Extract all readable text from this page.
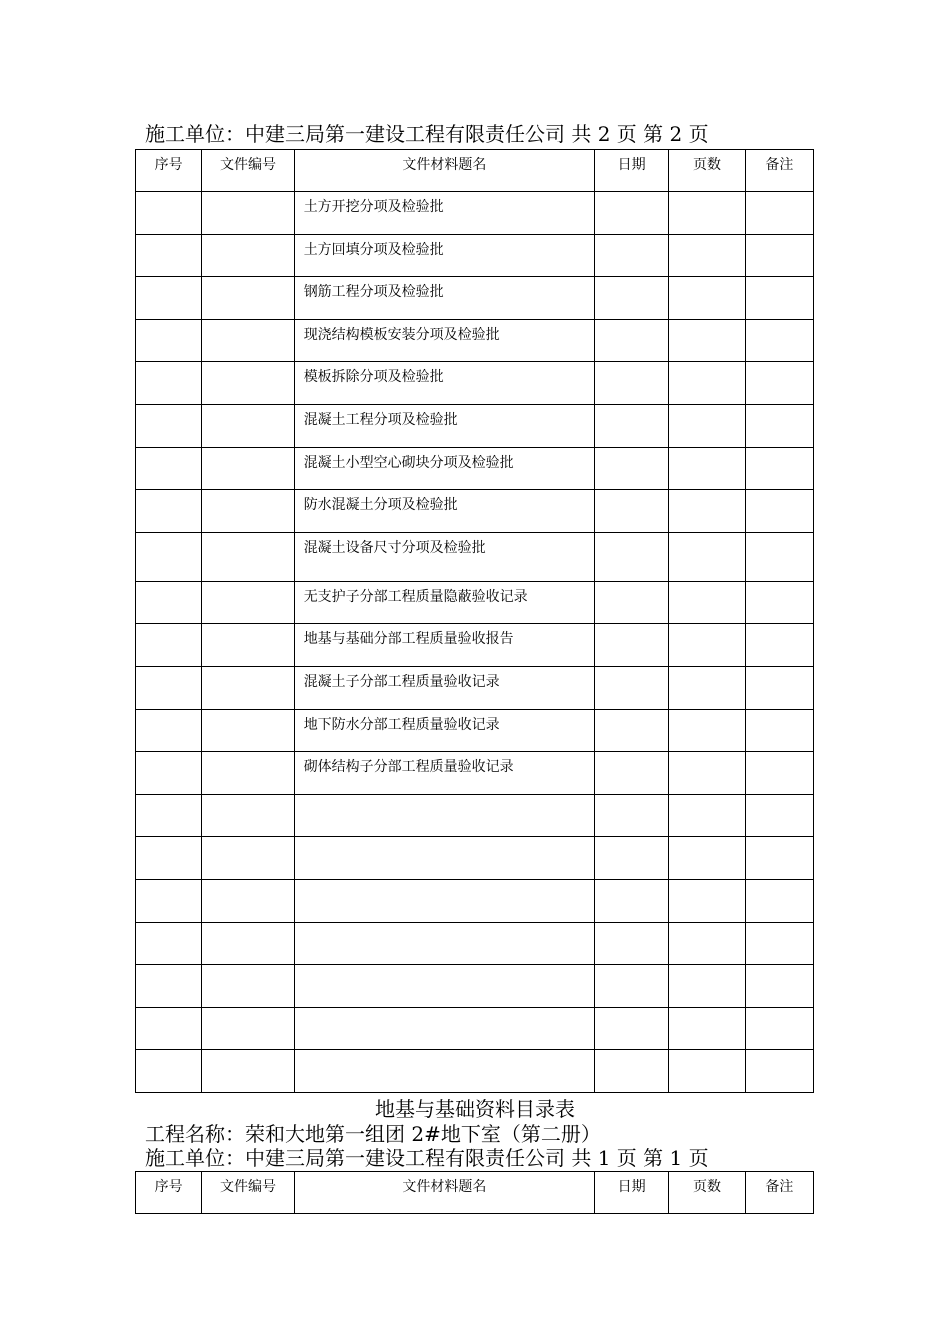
施工单位：中建三局第一建设工程有限责任公司 共 2 页 第 2 页
序号	文件编号	文件材料题名	日期	页数	备注
		土方开挖分项及检验批			
		土方回填分项及检验批			
		钢筋工程分项及检验批			
		现浇结构模板安装分项及检验批			
		模板拆除分项及检验批			
		混凝土工程分项及检验批			
		混凝土小型空心砌块分项及检验批			
		防水混凝土分项及检验批			
		混凝土设备尺寸分项及检验批			
		无支护子分部工程质量隐蔽验收记录			
		地基与基础分部工程质量验收报告			
		混凝土子分部工程质量验收记录			
		地下防水分部工程质量验收记录			
		砌体结构子分部工程质量验收记录			

地基与基础资料目录表
工程名称：荣和大地第一组团 2#地下室（第二册）
施工单位：中建三局第一建设工程有限责任公司 共 1 页 第 1 页
序号	文件编号	文件材料题名	日期	页数	备注
